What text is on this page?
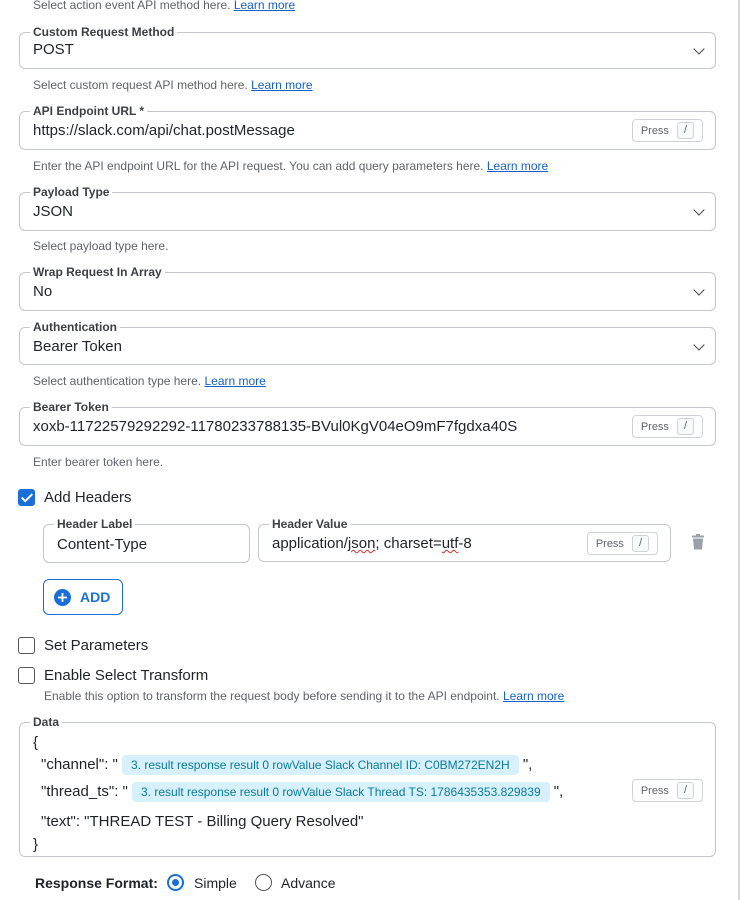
Select action event API method here. Learn more
Custom Request Method
POST
Select custom request API method here. Learn more
API Endpoint URL *
https://slack.com/api/chat.postMessage	Press	/
Enter the API endpoint URL for the API request. You can add query parameters here. Learn more
Payload Type
JSON
Select payload type here.
Wrap Request In Array
No
Authentication
Bearer Token
Select authentication type here. Learn more
Bearer Token
xoxb-11722579292292-11780233788135-BVul0KgV04eO9mF7fgdxa40S	Press	/
Enter bearer token here.
Add Headers
Header Label
Content-Type
Header Value
application/json; charset=utf-8	Press	/
ADD
Set Parameters
Enable Select Transform
Enable this option to transform the request body before sending it to the API endpoint. Learn more
Data
{
"channel": " 3. result response result 0 rowValue Slack Channel ID: C0BM272EN2H ",
"thread_ts": " 3. result response result 0 rowValue Slack Thread TS: 1786435353.829839 ",
"text": "THREAD TEST - Billing Query Resolved"
}
Press	/
Response Format:	Simple	Advance
